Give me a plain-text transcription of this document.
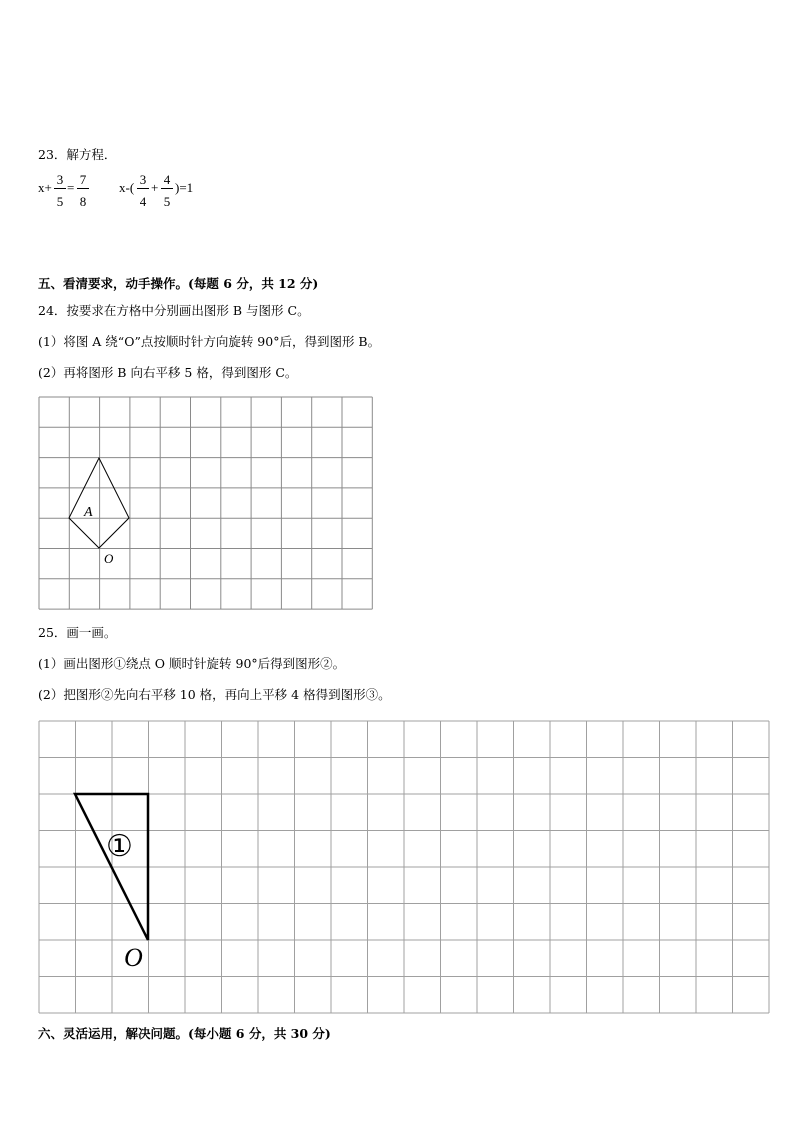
23．解方程．
x+
3
5
=
7
8
x-(
3
4
+
4
5
)=1
五、看清要求，动手操作。(每题 6 分，共 12 分)
24．按要求在方格中分别画出图形 B 与图形 C。
(1）将图 A 绕“O”点按顺时针方向旋转 90°后，得到图形 B。
(2）再将图形 B 向右平移 5 格，得到图形 C。
A
O
25．画一画。
(1）画出图形①绕点 O 顺时针旋转 90°后得到图形②。
(2）把图形②先向右平移 10 格，再向上平移 4 格得到图形③。
①
O
六、灵活运用，解决问题。(每小题 6 分，共 30 分)
